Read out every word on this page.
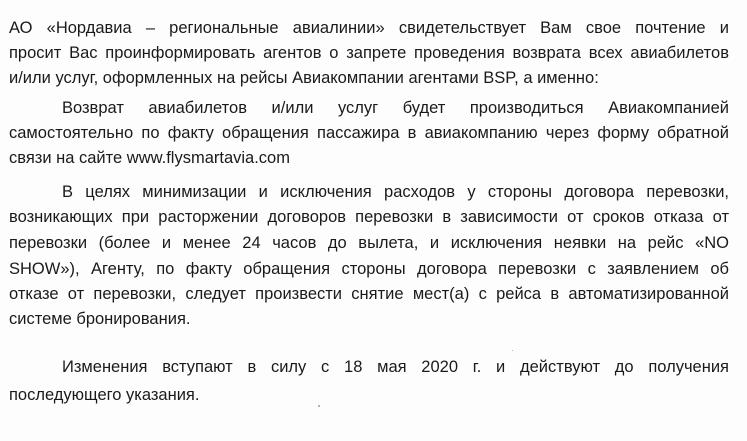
АО «Нордавиа – региональные авиалинии» свидетельствует Вам свое почтение и
просит Вас проинформировать агентов о запрете проведения возврата всех авиабилетов
и/или услуг, оформленных на рейсы Авиакомпании агентами BSP, а именно:
Возврат авиабилетов и/или услуг будет производиться Авиакомпанией
самостоятельно по факту обращения пассажира в авиакомпанию через форму обратной
связи на сайте www.flysmartavia.com
В целях минимизации и исключения расходов у стороны договора перевозки,
возникающих при расторжении договоров перевозки в зависимости от сроков отказа от
перевозки (более и менее 24 часов до вылета, и исключения неявки на рейс «NO
SHOW»), Агенту, по факту обращения стороны договора перевозки с заявлением об
отказе от перевозки, следует произвести снятие мест(а) с рейса в автоматизированной
системе бронирования.
Изменения вступают в силу с 18 мая 2020 г. и действуют до получения
последующего указания.
